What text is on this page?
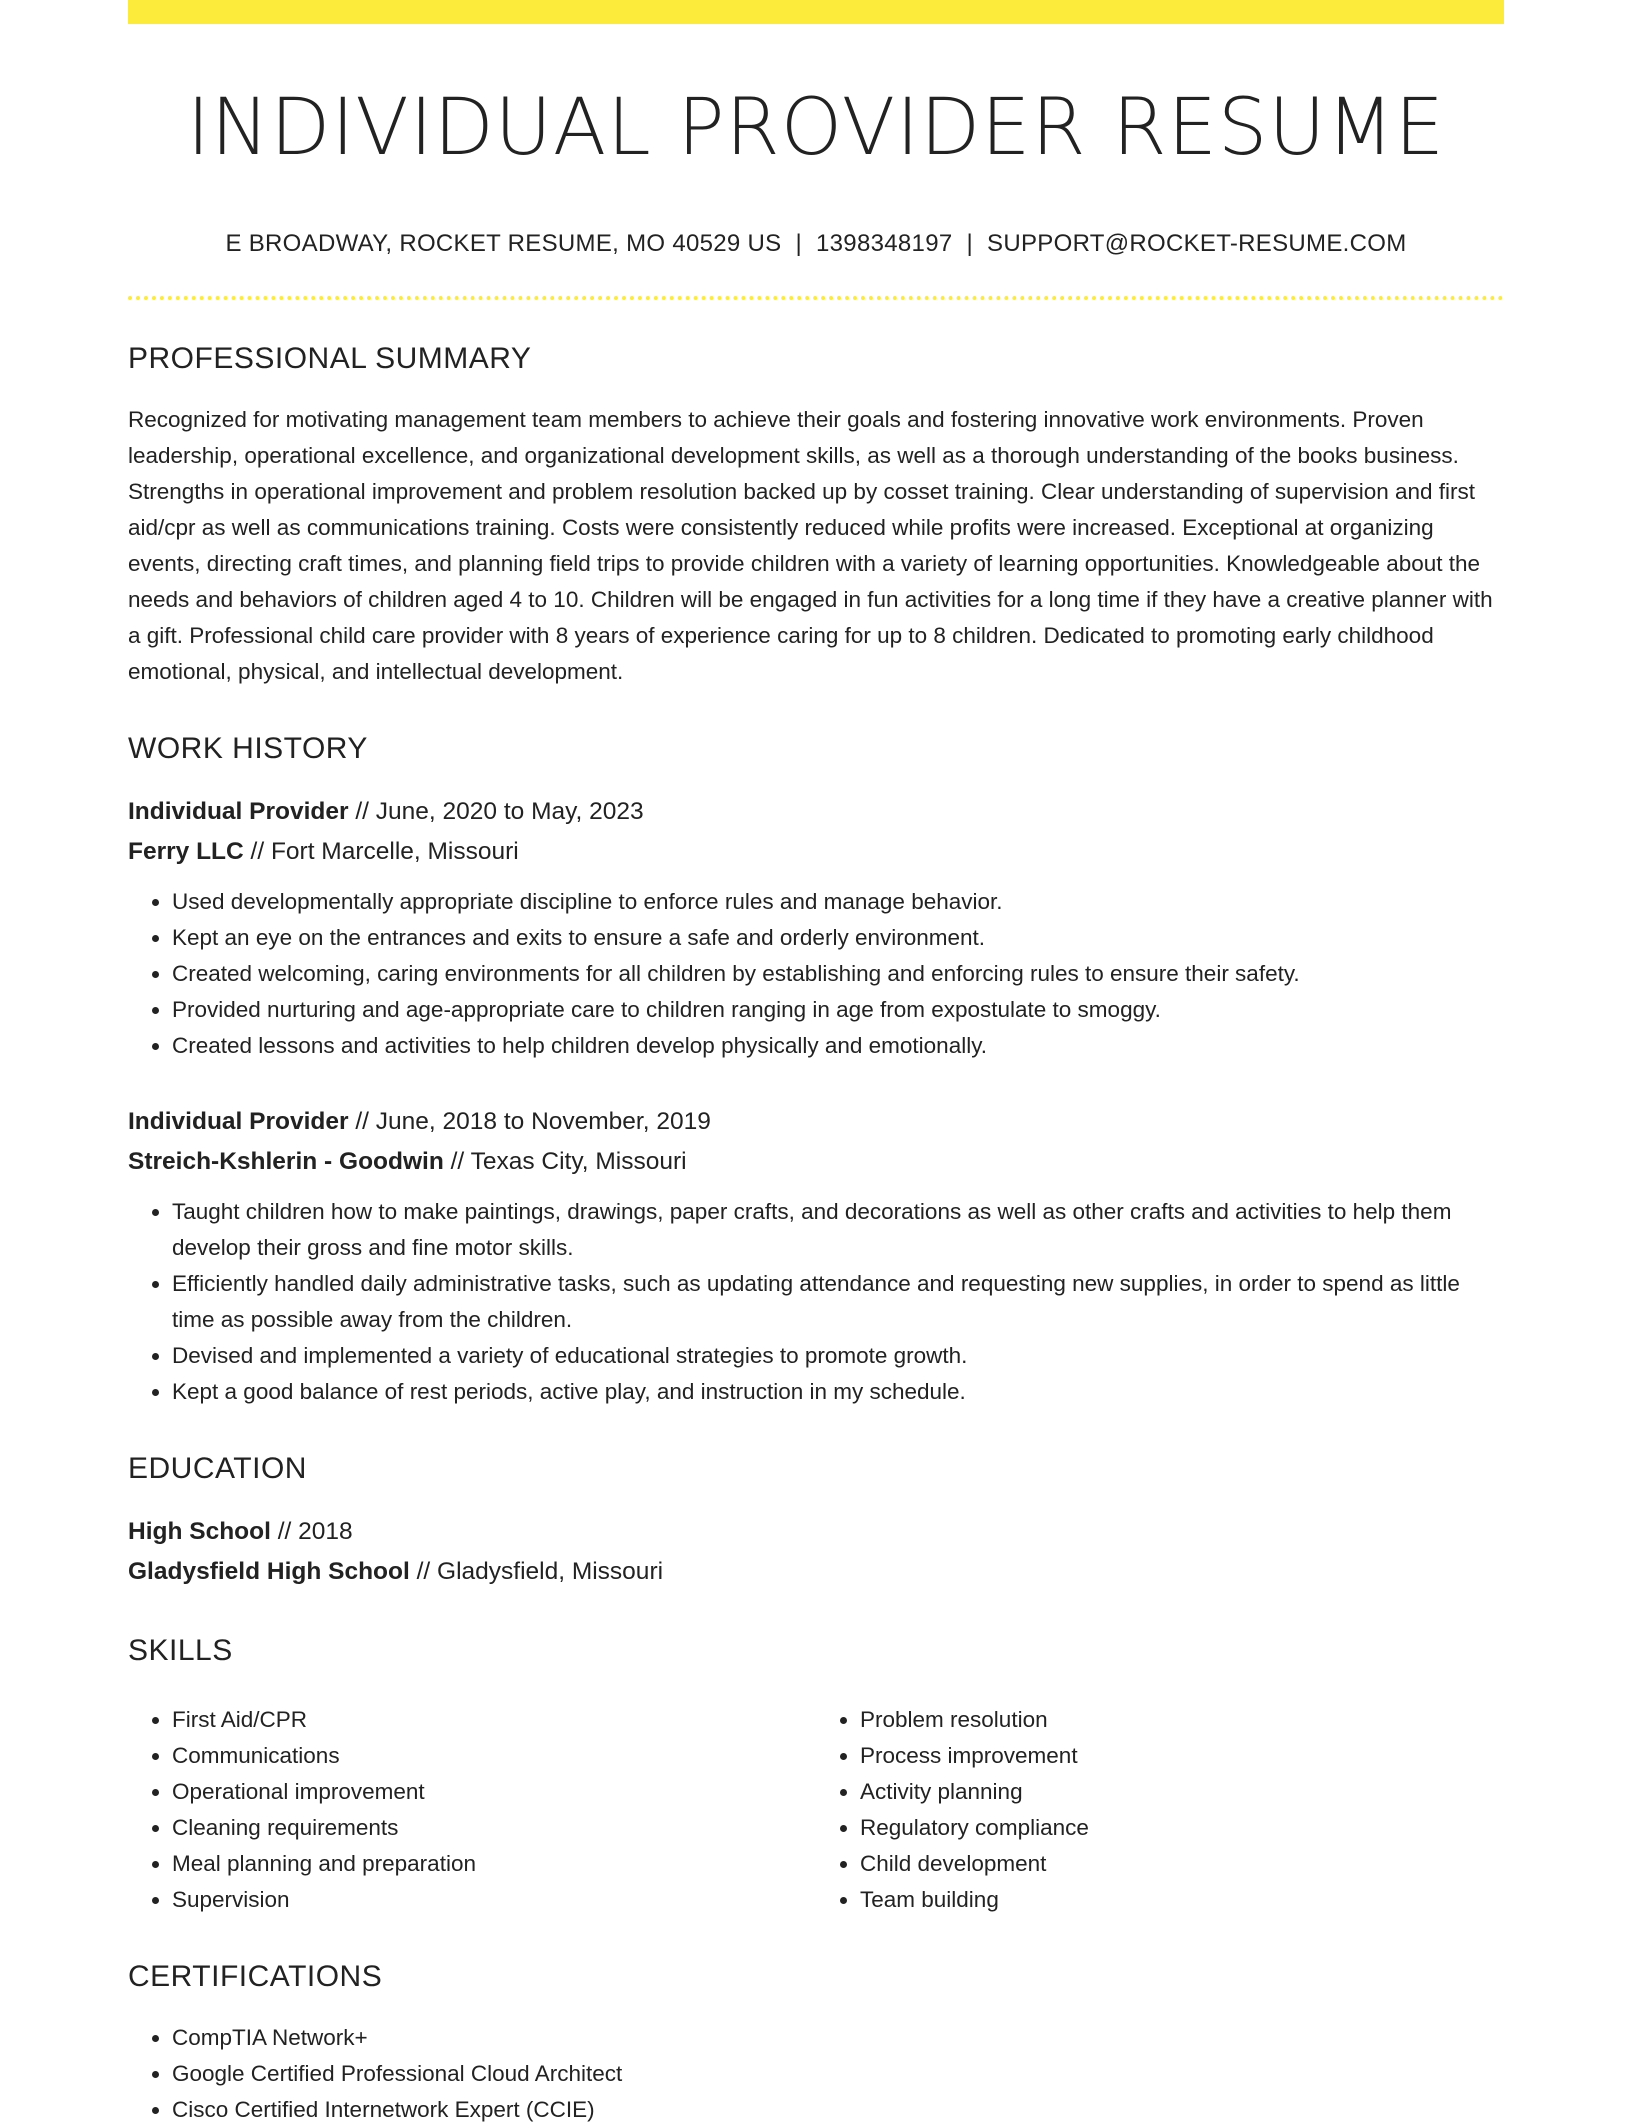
INDIVIDUAL PROVIDER RESUME
E BROADWAY, ROCKET RESUME, MO 40529 US | 1398348197 | SUPPORT@ROCKET-RESUME.COM
PROFESSIONAL SUMMARY

Recognized for motivating management team members to achieve their goals and fostering innovative work environments. Proven leadership, operational excellence, and organizational development skills, as well as a thorough understanding of the books business. Strengths in operational improvement and problem resolution backed up by cosset training. Clear understanding of supervision and first aid/cpr as well as communications training. Costs were consistently reduced while profits were increased. Exceptional at organizing events, directing craft times, and planning field trips to provide children with a variety of learning opportunities. Knowledgeable about the needs and behaviors of children aged 4 to 10. Children will be engaged in fun activities for a long time if they have a creative planner with a gift. Professional child care provider with 8 years of experience caring for up to 8 children. Dedicated to promoting early childhood emotional, physical, and intellectual development.

WORK HISTORY

Individual Provider // June, 2020 to May, 2023

Ferry LLC // Fort Marcelle, Missouri

• Used developmentally appropriate discipline to enforce rules and manage behavior.
• Kept an eye on the entrances and exits to ensure a safe and orderly environment.
• Created welcoming, caring environments for all children by establishing and enforcing rules to ensure their safety.
• Provided nurturing and age-appropriate care to children ranging in age from expostulate to smoggy.
• Created lessons and activities to help children develop physically and emotionally.

Individual Provider // June, 2018 to November, 2019

Streich-Kshlerin - Goodwin // Texas City, Missouri

• Taught children how to make paintings, drawings, paper crafts, and decorations as well as other crafts and activities to help them develop their gross and fine motor skills.
• Efficiently handled daily administrative tasks, such as updating attendance and requesting new supplies, in order to spend as little time as possible away from the children.
• Devised and implemented a variety of educational strategies to promote growth.
• Kept a good balance of rest periods, active play, and instruction in my schedule.
EDUCATION

High School // 2018

Gladysfield High School // Gladysfield, Missouri

SKILLS
• First Aid/CPR
• Communications
• Operational improvement
• Cleaning requirements
• Meal planning and preparation
• Supervision
• Problem resolution
• Process improvement
• Activity planning
• Regulatory compliance
• Child development
• Team building
CERTIFICATIONS
• CompTIA Network+
• Google Certified Professional Cloud Architect
• Cisco Certified Internetwork Expert (CCIE)
